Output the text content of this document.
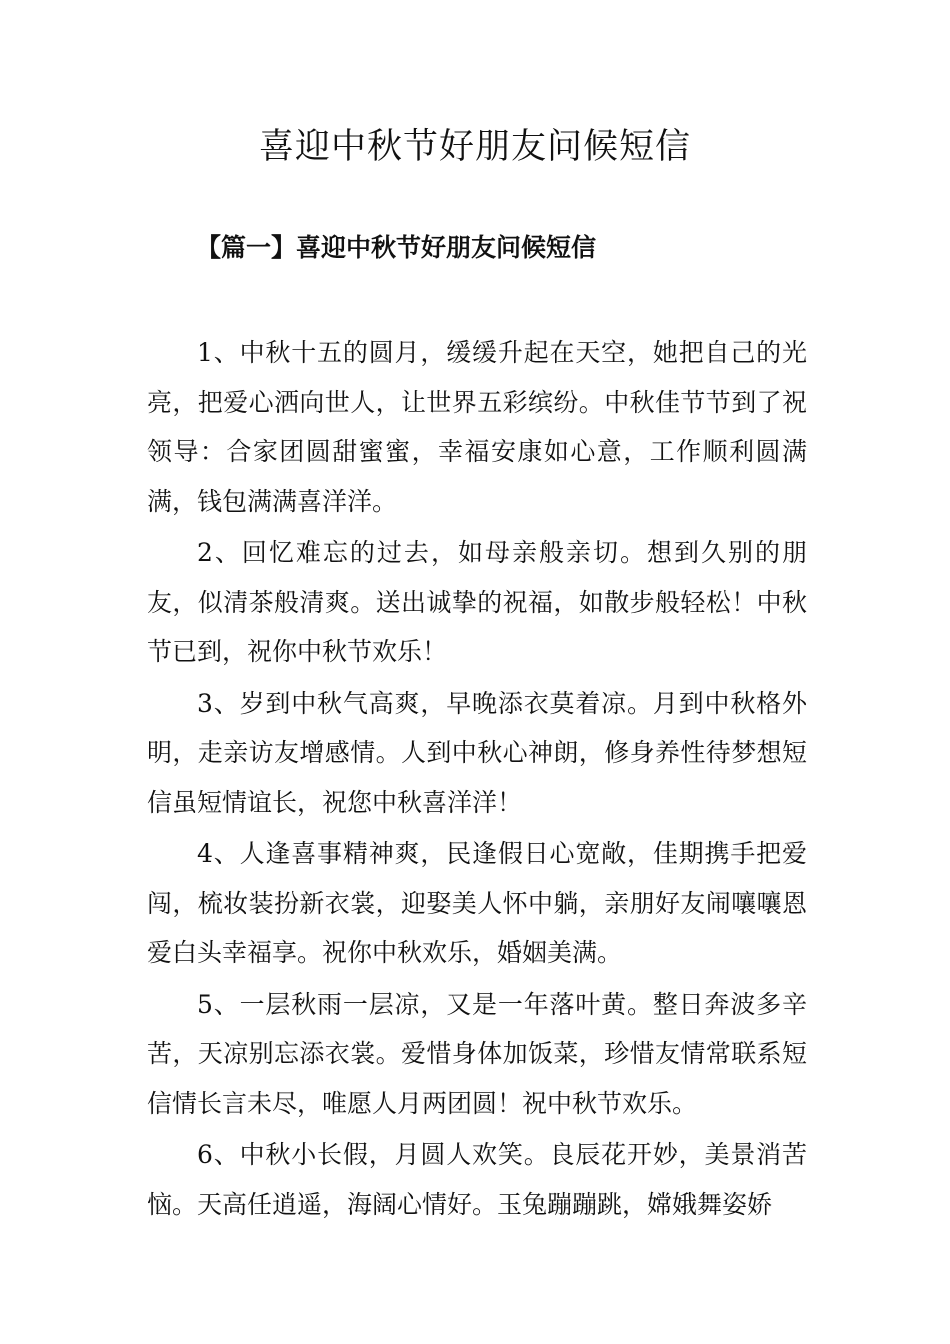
喜迎中秋节好朋友问候短信
【篇一】喜迎中秋节好朋友问候短信

1、中秋十五的圆月，缓缓升起在天空，她把自己的光亮，把爱心洒向世人，让世界五彩缤纷。中秋佳节节到了祝领导：合家团圆甜蜜蜜，幸福安康如心意，工作顺利圆满满，钱包满满喜洋洋。

2、回忆难忘的过去，如母亲般亲切。想到久别的朋友，似清茶般清爽。送出诚挚的祝福，如散步般轻松！中秋节已到，祝你中秋节欢乐！

3、岁到中秋气高爽，早晚添衣莫着凉。月到中秋格外明，走亲访友增感情。人到中秋心神朗，修身养性待梦想短信虽短情谊长，祝您中秋喜洋洋！

4、人逢喜事精神爽，民逢假日心宽敞，佳期携手把爱闯，梳妆装扮新衣裳，迎娶美人怀中躺，亲朋好友闹嚷嚷恩爱白头幸福享。祝你中秋欢乐，婚姻美满。

5、一层秋雨一层凉，又是一年落叶黄。整日奔波多辛苦，天凉别忘添衣裳。爱惜身体加饭菜，珍惜友情常联系短信情长言未尽，唯愿人月两团圆！祝中秋节欢乐。

6、中秋小长假，月圆人欢笑。良辰花开妙，美景消苦恼。天高任逍遥，海阔心情好。玉兔蹦蹦跳，嫦娥舞姿娇
